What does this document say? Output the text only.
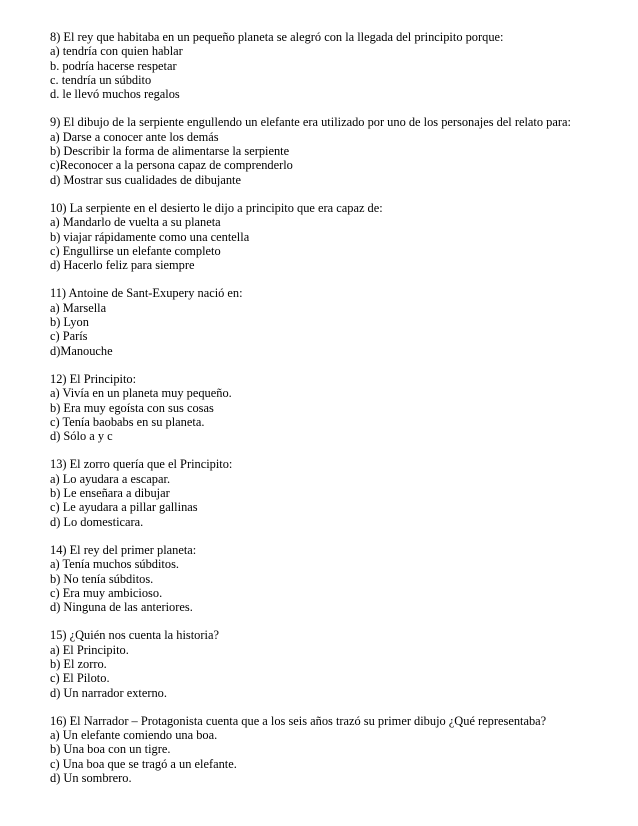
8) El rey que habitaba en un pequeño planeta se alegró con la llegada del principito porque:
a) tendría con quien hablar
b. podría hacerse respetar
c. tendría un súbdito
d. le llevó muchos regalos
9) El dibujo de la serpiente engullendo un elefante era utilizado por uno de los personajes del relato para:
a) Darse a conocer ante los demás
b) Describir la forma de alimentarse la serpiente
c)Reconocer a la persona capaz de comprenderlo
d) Mostrar sus cualidades de dibujante
10) La serpiente en el desierto le dijo a principito que era capaz de:
a) Mandarlo de vuelta a su planeta
b) viajar rápidamente como una centella
c) Engullirse un elefante completo
d) Hacerlo feliz para siempre
11) Antoine de Sant-Exupery nació en:
a) Marsella
b) Lyon
c) París
d)Manouche
12) El Principito:
a) Vivía en un planeta muy pequeño.
b) Era muy egoísta con sus cosas
c) Tenía baobabs en su planeta.
d) Sólo a y c
13) El zorro quería que el Principito:
a) Lo ayudara a escapar.
b) Le enseñara a dibujar
c) Le ayudara a pillar gallinas
d) Lo domesticara.
14) El rey del primer planeta:
a) Tenía muchos súbditos.
b) No tenía súbditos.
c) Era muy ambicioso.
d) Ninguna de las anteriores.
15) ¿Quién nos cuenta la historia?
a) El Principito.
b) El zorro.
c) El Piloto.
d) Un narrador externo.
16) El Narrador – Protagonista cuenta que a los seis años trazó su primer dibujo ¿Qué representaba?
a) Un elefante comiendo una boa.
b) Una boa con un tigre.
c) Una boa que se tragó a un elefante.
d) Un sombrero.
